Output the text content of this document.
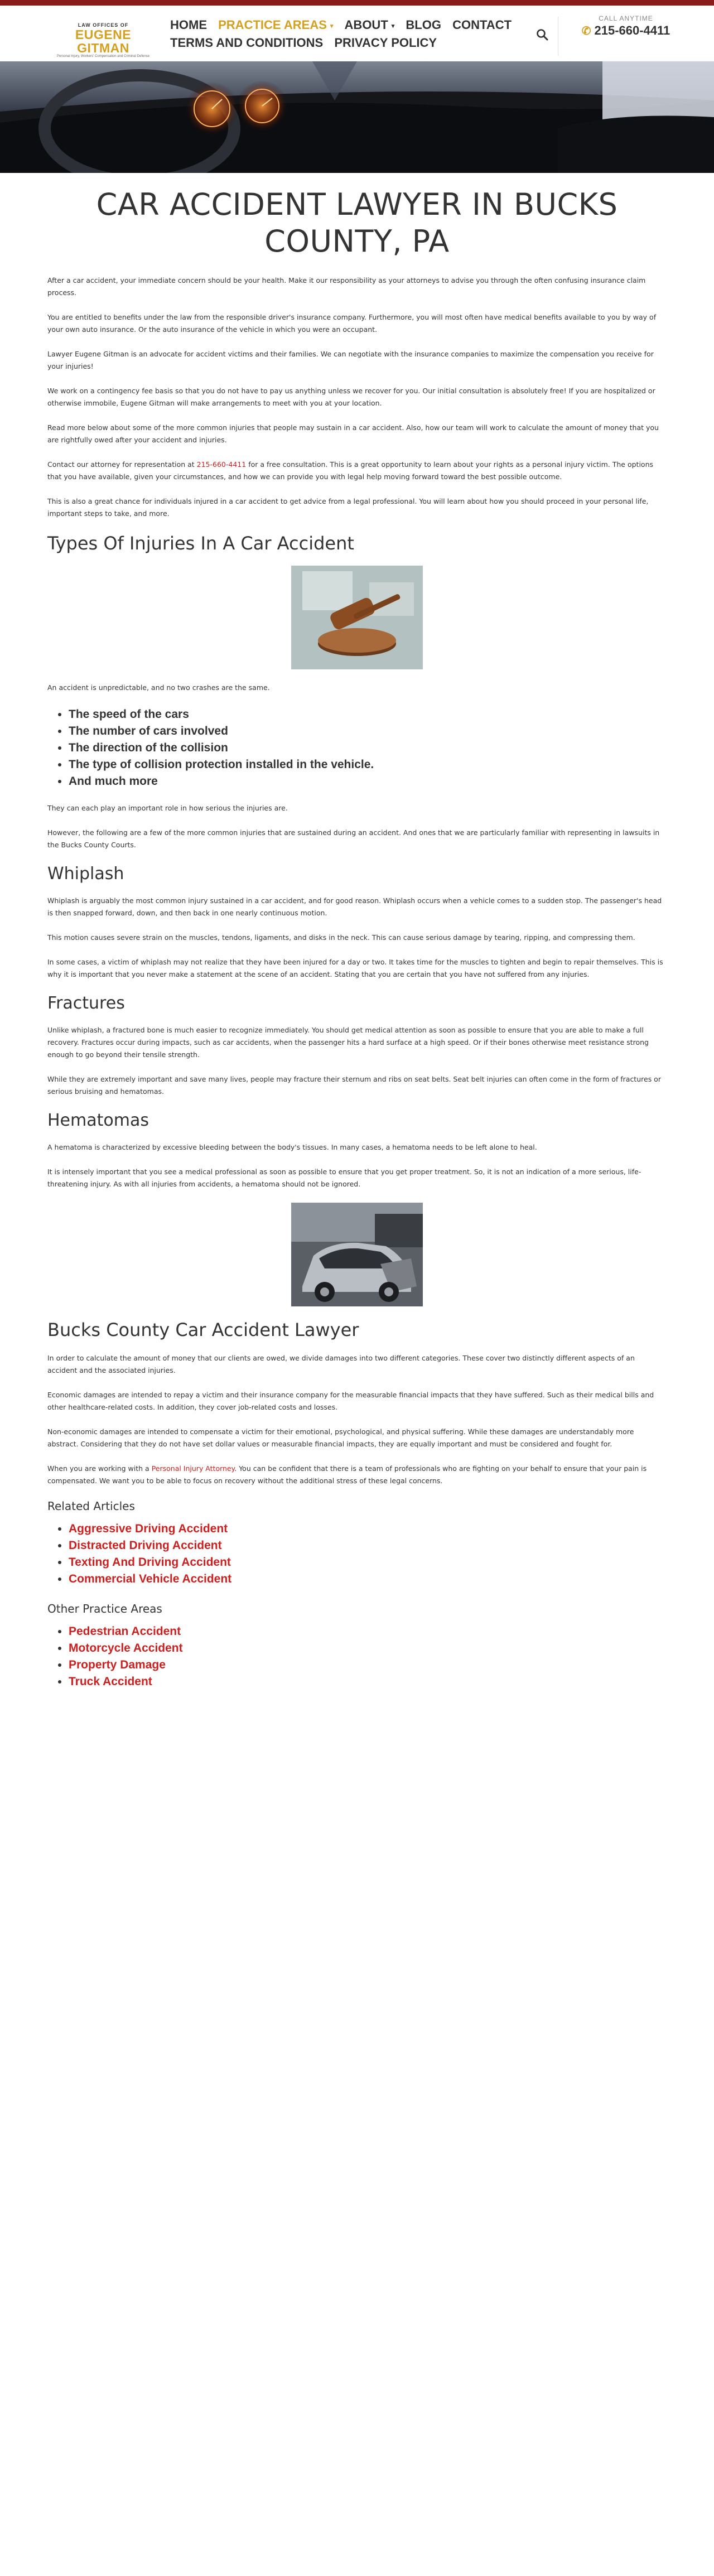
LAW OFFICES OF
EUGENE GITMAN
Personal Injury, Workers' Compensation and Criminal Defense
HOME PRACTICE AREAS ▾ ABOUT ▾ BLOG CONTACT
TERMS AND CONDITIONS PRIVACY POLICY
CALL ANYTIME
✆ 215-660-4411
CAR ACCIDENT LAWYER IN BUCKS COUNTY, PA

After a car accident, your immediate concern should be your health. Make it our responsibility as your attorneys to advise you through the often confusing insurance claim process.

You are entitled to benefits under the law from the responsible driver's insurance company. Furthermore, you will most often have medical benefits available to you by way of your own auto insurance. Or the auto insurance of the vehicle in which you were an occupant.

Lawyer Eugene Gitman is an advocate for accident victims and their families. We can negotiate with the insurance companies to maximize the compensation you receive for your injuries!

We work on a contingency fee basis so that you do not have to pay us anything unless we recover for you. Our initial consultation is absolutely free! If you are hospitalized or otherwise immobile, Eugene Gitman will make arrangements to meet with you at your location.

Read more below about some of the more common injuries that people may sustain in a car accident. Also, how our team will work to calculate the amount of money that you are rightfully owed after your accident and injuries.

Contact our attorney for representation at 215-660-4411 for a free consultation. This is a great opportunity to learn about your rights as a personal injury victim. The options that you have available, given your circumstances, and how we can provide you with legal help moving forward toward the best possible outcome.

This is also a great chance for individuals injured in a car accident to get advice from a legal professional. You will learn about how you should proceed in your personal life, important steps to take, and more.

Types Of Injuries In A Car Accident

An accident is unpredictable, and no two crashes are the same.

• The speed of the cars
• The number of cars involved
• The direction of the collision
• The type of collision protection installed in the vehicle.
• And much more

They can each play an important role in how serious the injuries are.

However, the following are a few of the more common injuries that are sustained during an accident. And ones that we are particularly familiar with representing in lawsuits in the Bucks County Courts.

Whiplash

Whiplash is arguably the most common injury sustained in a car accident, and for good reason. Whiplash occurs when a vehicle comes to a sudden stop. The passenger's head is then snapped forward, down, and then back in one nearly continuous motion.

This motion causes severe strain on the muscles, tendons, ligaments, and disks in the neck. This can cause serious damage by tearing, ripping, and compressing them.

In some cases, a victim of whiplash may not realize that they have been injured for a day or two. It takes time for the muscles to tighten and begin to repair themselves. This is why it is important that you never make a statement at the scene of an accident. Stating that you are certain that you have not suffered from any injuries.

Fractures

Unlike whiplash, a fractured bone is much easier to recognize immediately. You should get medical attention as soon as possible to ensure that you are able to make a full recovery. Fractures occur during impacts, such as car accidents, when the passenger hits a hard surface at a high speed. Or if their bones otherwise meet resistance strong enough to go beyond their tensile strength.

While they are extremely important and save many lives, people may fracture their sternum and ribs on seat belts. Seat belt injuries can often come in the form of fractures or serious bruising and hematomas.

Hematomas

A hematoma is characterized by excessive bleeding between the body's tissues. In many cases, a hematoma needs to be left alone to heal.

It is intensely important that you see a medical professional as soon as possible to ensure that you get proper treatment. So, it is not an indication of a more serious, life-threatening injury. As with all injuries from accidents, a hematoma should not be ignored.

Bucks County Car Accident Lawyer

In order to calculate the amount of money that our clients are owed, we divide damages into two different categories. These cover two distinctly different aspects of an accident and the associated injuries.

Economic damages are intended to repay a victim and their insurance company for the measurable financial impacts that they have suffered. Such as their medical bills and other healthcare-related costs. In addition, they cover job-related costs and losses.

Non-economic damages are intended to compensate a victim for their emotional, psychological, and physical suffering. While these damages are understandably more abstract. Considering that they do not have set dollar values or measurable financial impacts, they are equally important and must be considered and fought for.

When you are working with a Personal Injury Attorney. You can be confident that there is a team of professionals who are fighting on your behalf to ensure that your pain is compensated. We want you to be able to focus on recovery without the additional stress of these legal concerns.

Related Articles
• Aggressive Driving Accident
• Distracted Driving Accident
• Texting And Driving Accident
• Commercial Vehicle Accident
Other Practice Areas
• Pedestrian Accident
• Motorcycle Accident
• Property Damage
• Truck Accident
